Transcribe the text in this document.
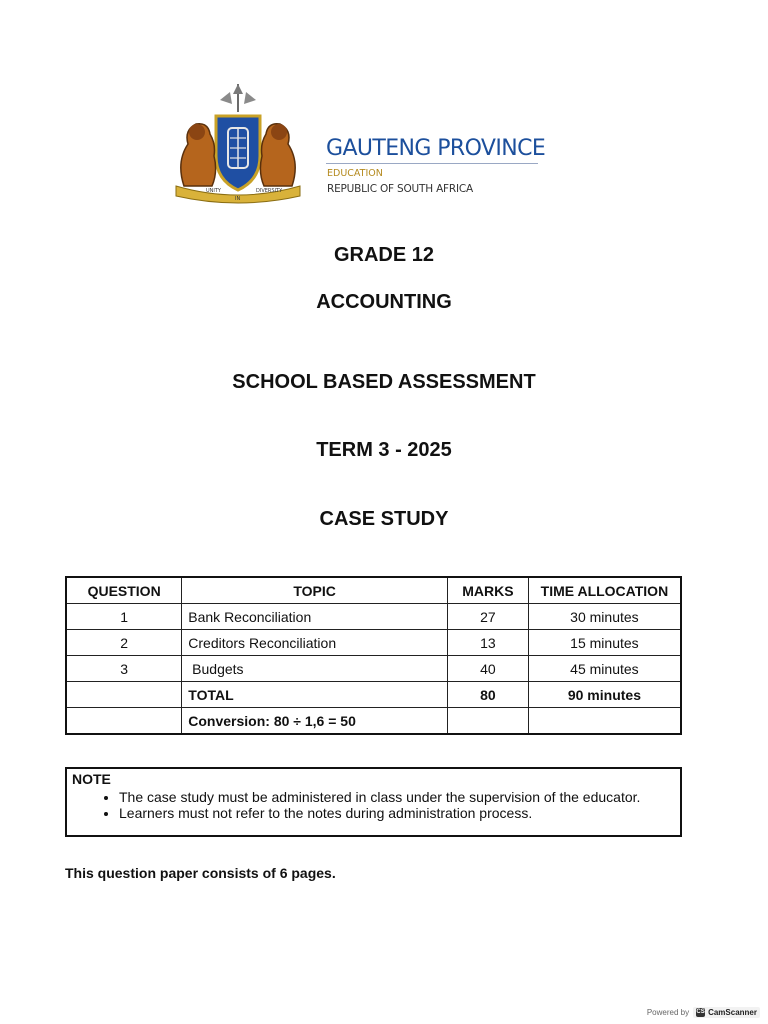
UNITY
IN
DIVERSITY
GAUTENG PROVINCE
EDUCATION
REPUBLIC OF SOUTH AFRICA
GRADE 12
ACCOUNTING
SCHOOL BASED ASSESSMENT
TERM 3 - 2025
CASE STUDY
QUESTION	TOPIC	MARKS	TIME ALLOCATION
1	Bank Reconciliation	27	30 minutes
2	Creditors Reconciliation	13	15 minutes
3	Budgets	40	45 minutes
	TOTAL	80	90 minutes
	Conversion: 80 ÷ 1,6 = 50		
NOTE
• The case study must be administered in class under the supervision of the educator.
• Learners must not refer to the notes during administration process.
This question paper consists of 6 pages.
Powered by CS CamScanner
